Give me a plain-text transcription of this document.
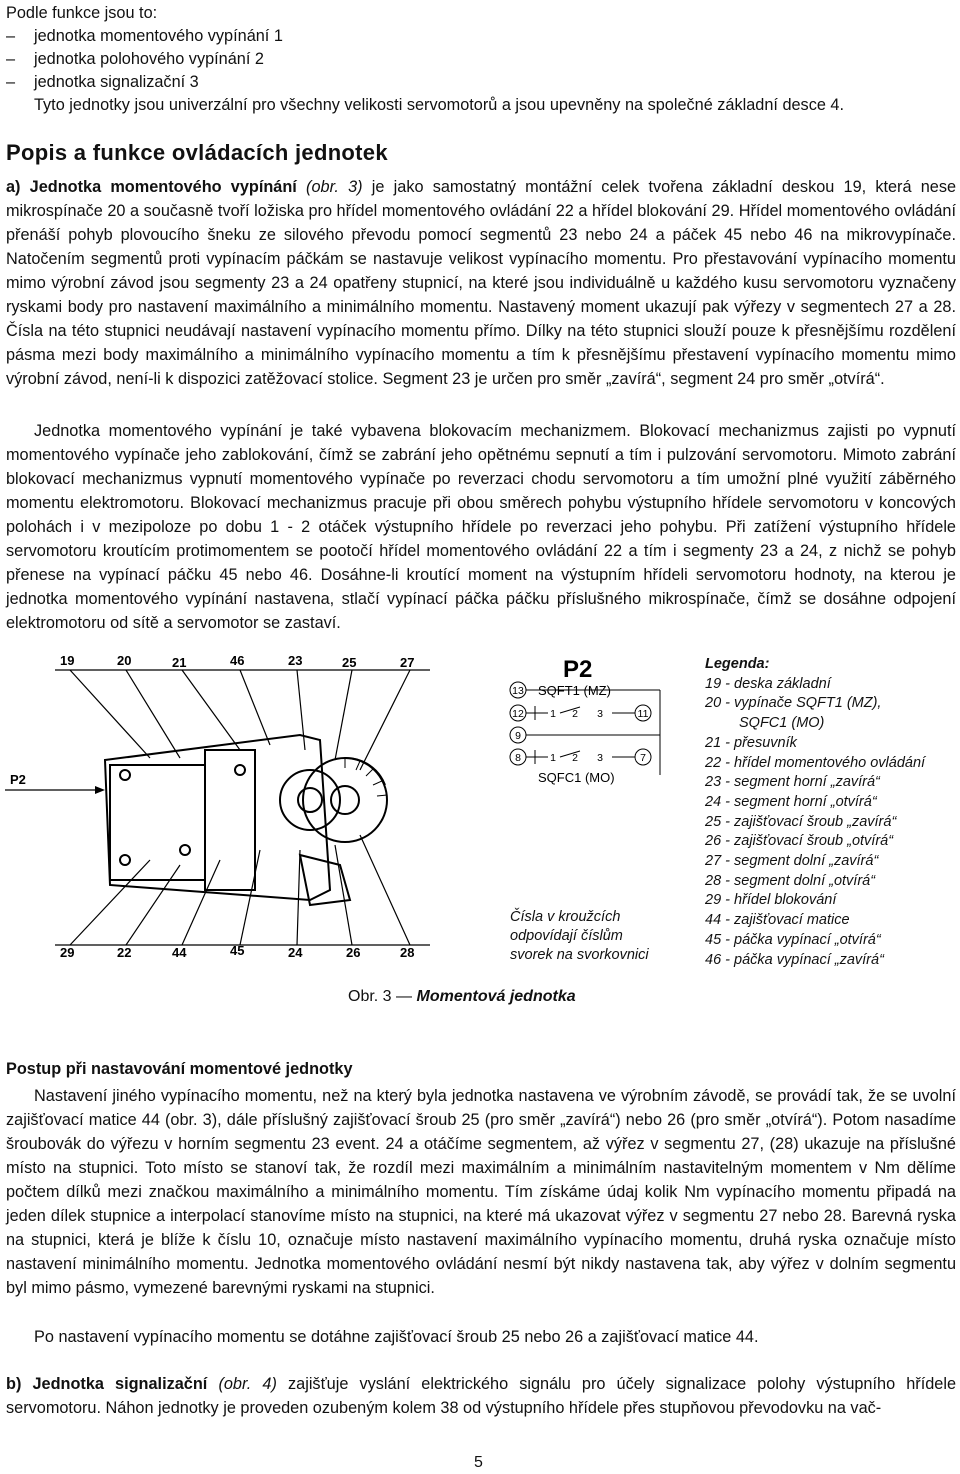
Podle funkce jsou to:
–	jednotka momentového vypínání 1
–	jednotka polohového vypínání 2
–	jednotka signalizační 3
Tyto jednotky jsou univerzální pro všechny velikosti servomotorů a jsou upevněny na společné základní desce 4.
Popis a funkce ovládacích jednotek
a) Jednotka momentového vypínání (obr. 3) je jako samostatný montážní celek tvořena základní deskou 19, která nese mikrospínače 20 a současně tvoří ložiska pro hřídel momentového ovládání 22 a hřídel blokování 29. Hřídel momentového ovládání přenáší pohyb plovoucího šneku ze silového převodu pomocí segmentů 23 nebo 24 a páček 45 nebo 46 na mikrovypínače. Natočením segmentů proti vypínacím páčkám se nastavuje velikost vypínacího momentu. Pro přestavování vypínacího momentu mimo výrobní závod jsou segmenty 23 a 24 opatřeny stupnicí, na které jsou individuálně u každého kusu servomotoru vyznačeny ryskami body pro nastavení maximálního a minimálního momentu. Nastavený moment ukazují pak výřezy v segmentech 27 a 28. Čísla na této stupnici neudávají nastavení vypínacího momentu přímo. Dílky na této stupnici slouží pouze k přesnějšímu rozdělení pásma mezi body maximálního a minimálního vypínacího momentu a tím k přesnějšímu přestavení vypínacího momentu mimo výrobní závod, není-li k dispozici zatěžovací stolice. Segment 23 je určen pro směr „zavírá“, segment 24 pro směr „otvírá“.
Jednotka momentového vypínání je také vybavena blokovacím mechanizmem. Blokovací mechanizmus zajisti po vypnutí momentového vypínače jeho zablokování, čímž se zabrání jeho opětnému sepnutí a tím i pulzování servomotoru. Mimoto zabrání blokovací mechanizmus vypnutí momentového vypínače po reverzaci chodu servomotoru a tím umožní plné využití záběrného momentu elektromotoru. Blokovací mechanizmus pracuje při obou směrech pohybu výstupního hřídele servomotoru v koncových polohách i v mezipoloze po dobu 1 - 2 otáček výstupního hřídele po reverzaci jeho pohybu. Při zatížení výstupního hřídele servomotoru kroutícím protimomentem se pootočí hřídel momentového ovládání 22 a tím i segmenty 23 a 24, z nichž se pohyb přenese na vypínací páčku 45 nebo 46. Dosáhne-li kroutící moment na výstupním hřídeli servomotoru hodnoty, na kterou je jednotka momentového vypínání nastavena, stlačí vypínací páčka páčku příslušného mikrospínače, čímž se dosáhne odpojení elektromotoru od sítě a servomotor se zastaví.
19	20	21	46	23	25	27
29	22	44	45	24	26	28
P2
P2
SQFT1 (MZ)
SQFC1 (MO)
13
12
9
8
11
7
1 2 3
1 2 3
Čísla v kroužcích
odpovídají číslům
svorek na svorkovnici
Legenda:
19 - deska základní
20 - vypínače SQFT1 (MZ),
SQFC1 (MO)
21 - přesuvník
22 - hřídel momentového ovládání
23 - segment horní „zavírá“
24 - segment horní „otvírá“
25 - zajišťovací šroub „zavírá“
26 - zajišťovací šroub „otvírá“
27 - segment dolní „zavírá“
28 - segment dolní „otvírá“
29 - hřídel blokování
44 - zajišťovací matice
45 - páčka vypínací „otvírá“
46 - páčka vypínací „zavírá“
Obr. 3 — Momentová jednotka
Postup při nastavování momentové jednotky
Nastavení jiného vypínacího momentu, než na který byla jednotka nastavena ve výrobním závodě, se provádí tak, že se uvolní zajišťovací matice 44 (obr. 3), dále příslušný zajišťovací šroub 25 (pro směr „zavírá“) nebo 26 (pro směr „otvírá“). Potom nasadíme šroubovák do výřezu v horním segmentu 23 event. 24 a otáčíme segmentem, až výřez v segmentu 27, (28) ukazuje na příslušné místo na stupnici. Toto místo se stanoví tak, že rozdíl mezi maximálním a minimálním nastavitelným momentem v Nm dělíme počtem dílků mezi značkou maximálního a minimálního momentu. Tím získáme údaj kolik Nm vypínacího momentu připadá na jeden dílek stupnice a interpolací stanovíme místo na stupnici, na které má ukazovat výřez v segmentu 27 nebo 28. Barevná ryska na stupnici, která je blíže k číslu 10, označuje místo nastavení maximálního vypínacího momentu, druhá ryska označuje místo nastavení minimálního momentu. Jednotka momentového ovládání nesmí být nikdy nastavena tak, aby výřez v dolním segmentu byl mimo pásmo, vymezené barevnými ryskami na stupnici.
Po nastavení vypínacího momentu se dotáhne zajišťovací šroub 25 nebo 26 a zajišťovací matice 44.
b) Jednotka signalizační (obr. 4) zajišťuje vyslání elektrického signálu pro účely signalizace polohy výstupního hřídele servomotoru. Náhon jednotky je proveden ozubeným kolem 38 od výstupního hřídele přes stupňovou převodovku na vač-
5
